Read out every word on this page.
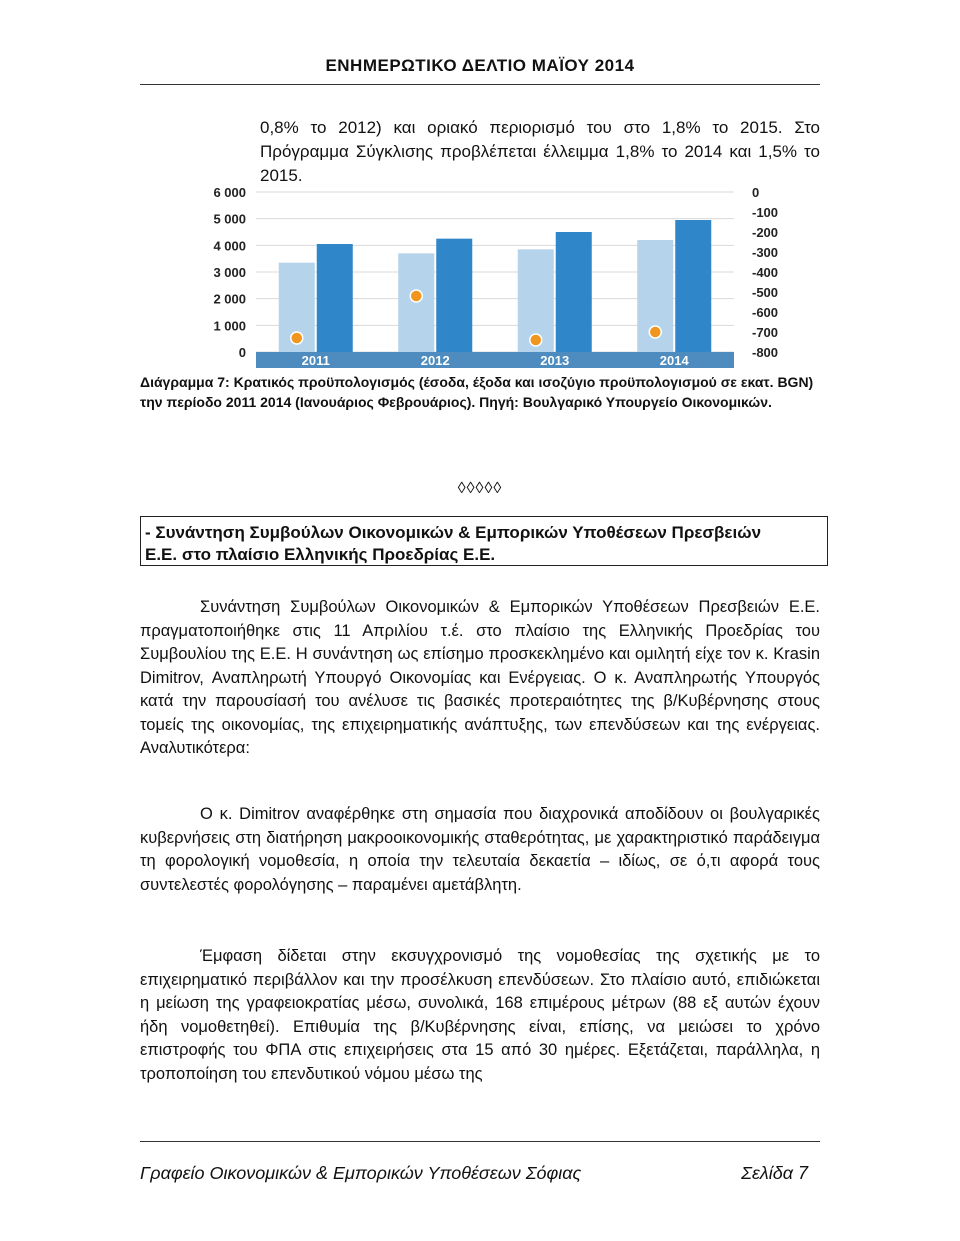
ΕΝΗΜΕΡΩΤΙΚΟ ΔΕΛΤΙΟ ΜΑΪΟΥ 2014
0,8% το 2012) και οριακό περιορισμό του στο 1,8% το 2015. Στο Πρόγραμμα Σύγκλισης προβλέπεται έλλειμμα 1,8% το 2014 και 1,5% το 2015.
0
1 000
2 000
3 000
4 000
5 000
6 000	0
-100
-200
-300
-400
-500
-600
-700
-800
2011	2012	2013	2014
Διάγραμμα 7: Κρατικός προϋπολογισμός (έσοδα, έξοδα και ισοζύγιο προϋπολογισμού σε εκατ. BGN) την περίοδο 2011 2014 (Ιανουάριος Φεβρουάριος). Πηγή: Βουλγαρικό Υπουργείο Οικονομικών.
◊◊◊◊◊
- Συνάντηση Συμβούλων Οικονομικών & Εμπορικών Υποθέσεων Πρεσβειών
Ε.Ε. στο πλαίσιο Ελληνικής Προεδρίας Ε.Ε.
Συνάντηση Συμβούλων Οικονομικών & Εμπορικών Υποθέσεων Πρεσβειών Ε.Ε. πραγματοποιήθηκε στις 11 Απριλίου τ.έ. στο πλαίσιο της Ελληνικής Προεδρίας του Συμβουλίου της Ε.Ε. Η συνάντηση ως επίσημο προσκεκλημένο και ομιλητή είχε τον κ. Krasin Dimitrov, Αναπληρωτή Υπουργό Οικονομίας και Ενέργειας. Ο κ. Αναπληρωτής Υπουργός κατά την παρουσίασή του ανέλυσε τις βασικές προτεραιότητες της β/Κυβέρνησης στους τομείς της οικονομίας, της επιχειρηματικής ανάπτυξης, των επενδύσεων και της ενέργειας. Αναλυτικότερα:
Ο κ. Dimitrov αναφέρθηκε στη σημασία που διαχρονικά αποδίδουν οι βουλγαρικές κυβερνήσεις στη διατήρηση μακροοικονομικής σταθερότητας, με χαρακτηριστικό παράδειγμα τη φορολογική νομοθεσία, η οποία την τελευταία δεκαετία – ιδίως, σε ό,τι αφορά τους συντελεστές φορολόγησης – παραμένει αμετάβλητη.
Έμφαση δίδεται στην εκσυγχρονισμό της νομοθεσίας της σχετικής με το επιχειρηματικό περιβάλλον και την προσέλκυση επενδύσεων. Στο πλαίσιο αυτό, επιδιώκεται η μείωση της γραφειοκρατίας μέσω, συνολικά, 168 επιμέρους μέτρων (88 εξ αυτών έχουν ήδη νομοθετηθεί). Επιθυμία της β/Κυβέρνησης είναι, επίσης, να μειώσει το χρόνο επιστροφής του ΦΠΑ στις επιχειρήσεις στα 15 από 30 ημέρες. Εξετάζεται, παράλληλα, η τροποποίηση του επενδυτικού νόμου μέσω της
Γραφείο Οικονομικών & Εμπορικών Υποθέσεων Σόφιας	Σελίδα 7
